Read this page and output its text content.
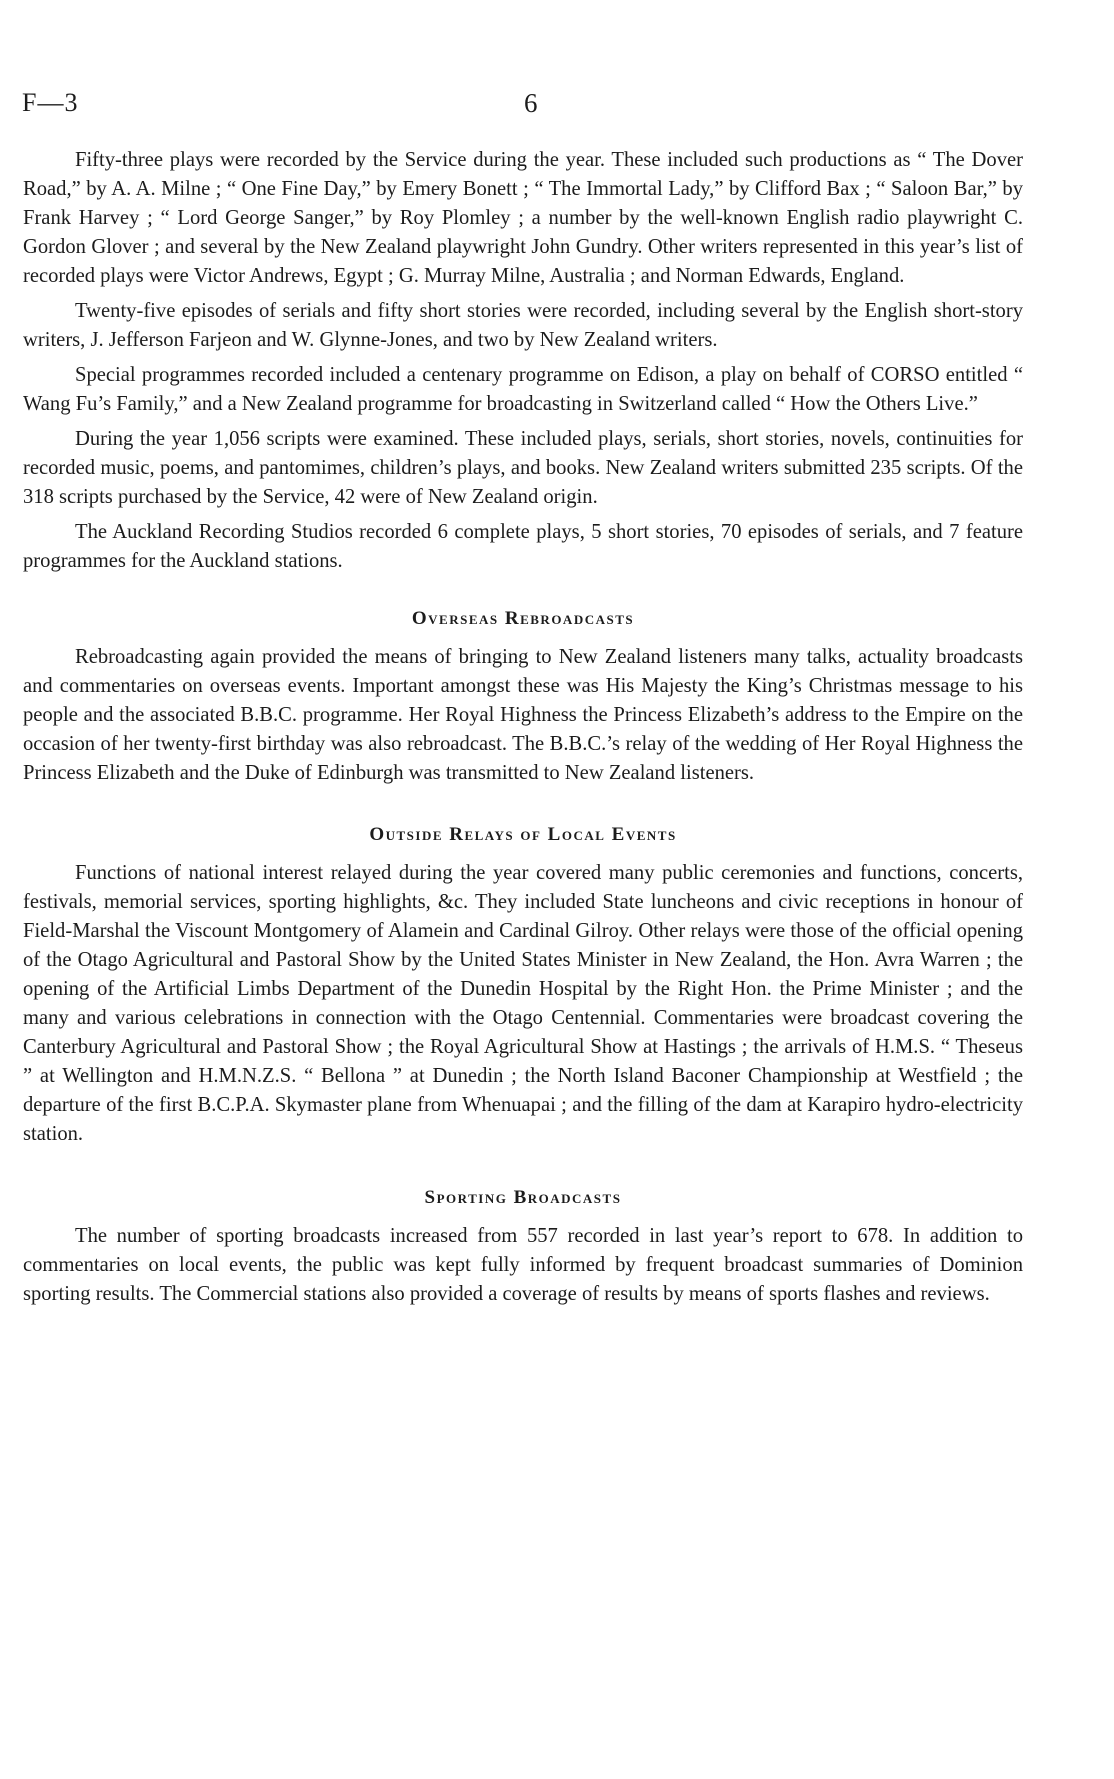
F—3	6

Fifty-three plays were recorded by the Service during the year. These included such productions as “ The Dover Road,” by A. A. Milne ; “ One Fine Day,” by Emery Bonett ; “ The Immortal Lady,” by Clifford Bax ; “ Saloon Bar,” by Frank Harvey ; “ Lord George Sanger,” by Roy Plomley ; a number by the well-known English radio playwright C. Gordon Glover ; and several by the New Zealand playwright John Gundry. Other writers represented in this year’s list of recorded plays were Victor Andrews, Egypt ; G. Murray Milne, Australia ; and Norman Edwards, England.

Twenty-five episodes of serials and fifty short stories were recorded, including several by the English short-story writers, J. Jefferson Farjeon and W. Glynne-Jones, and two by New Zealand writers.

Special programmes recorded included a centenary programme on Edison, a play on behalf of CORSO entitled “ Wang Fu’s Family,” and a New Zealand programme for broadcasting in Switzerland called “ How the Others Live.”

During the year 1,056 scripts were examined. These included plays, serials, short stories, novels, continuities for recorded music, poems, and pantomimes, children’s plays, and books. New Zealand writers submitted 235 scripts. Of the 318 scripts purchased by the Service, 42 were of New Zealand origin.

The Auckland Recording Studios recorded 6 complete plays, 5 short stories, 70 episodes of serials, and 7 feature programmes for the Auckland stations.

Overseas Rebroadcasts

Rebroadcasting again provided the means of bringing to New Zealand listeners many talks, actuality broadcasts and commentaries on overseas events. Important amongst these was His Majesty the King’s Christmas message to his people and the associated B.B.C. programme. Her Royal Highness the Princess Elizabeth’s address to the Empire on the occasion of her twenty-first birthday was also rebroadcast. The B.B.C.’s relay of the wedding of Her Royal Highness the Princess Elizabeth and the Duke of Edinburgh was transmitted to New Zealand listeners.

Outside Relays of Local Events

Functions of national interest relayed during the year covered many public ceremonies and functions, concerts, festivals, memorial services, sporting highlights, &c. They included State luncheons and civic receptions in honour of Field-Marshal the Viscount Montgomery of Alamein and Cardinal Gilroy. Other relays were those of the official opening of the Otago Agricultural and Pastoral Show by the United States Minister in New Zealand, the Hon. Avra Warren ; the opening of the Artificial Limbs Department of the Dunedin Hospital by the Right Hon. the Prime Minister ; and the many and various celebrations in connection with the Otago Centennial. Commentaries were broadcast covering the Canterbury Agricultural and Pastoral Show ; the Royal Agricultural Show at Hastings ; the arrivals of H.M.S. “ Theseus ” at Wellington and H.M.N.Z.S. “ Bellona ” at Dunedin ; the North Island Baconer Championship at Westfield ; the departure of the first B.C.P.A. Skymaster plane from Whenuapai ; and the filling of the dam at Karapiro hydro-electricity station.

Sporting Broadcasts

The number of sporting broadcasts increased from 557 recorded in last year’s report to 678. In addition to commentaries on local events, the public was kept fully informed by frequent broadcast summaries of Dominion sporting results. The Commercial stations also provided a coverage of results by means of sports flashes and reviews.
